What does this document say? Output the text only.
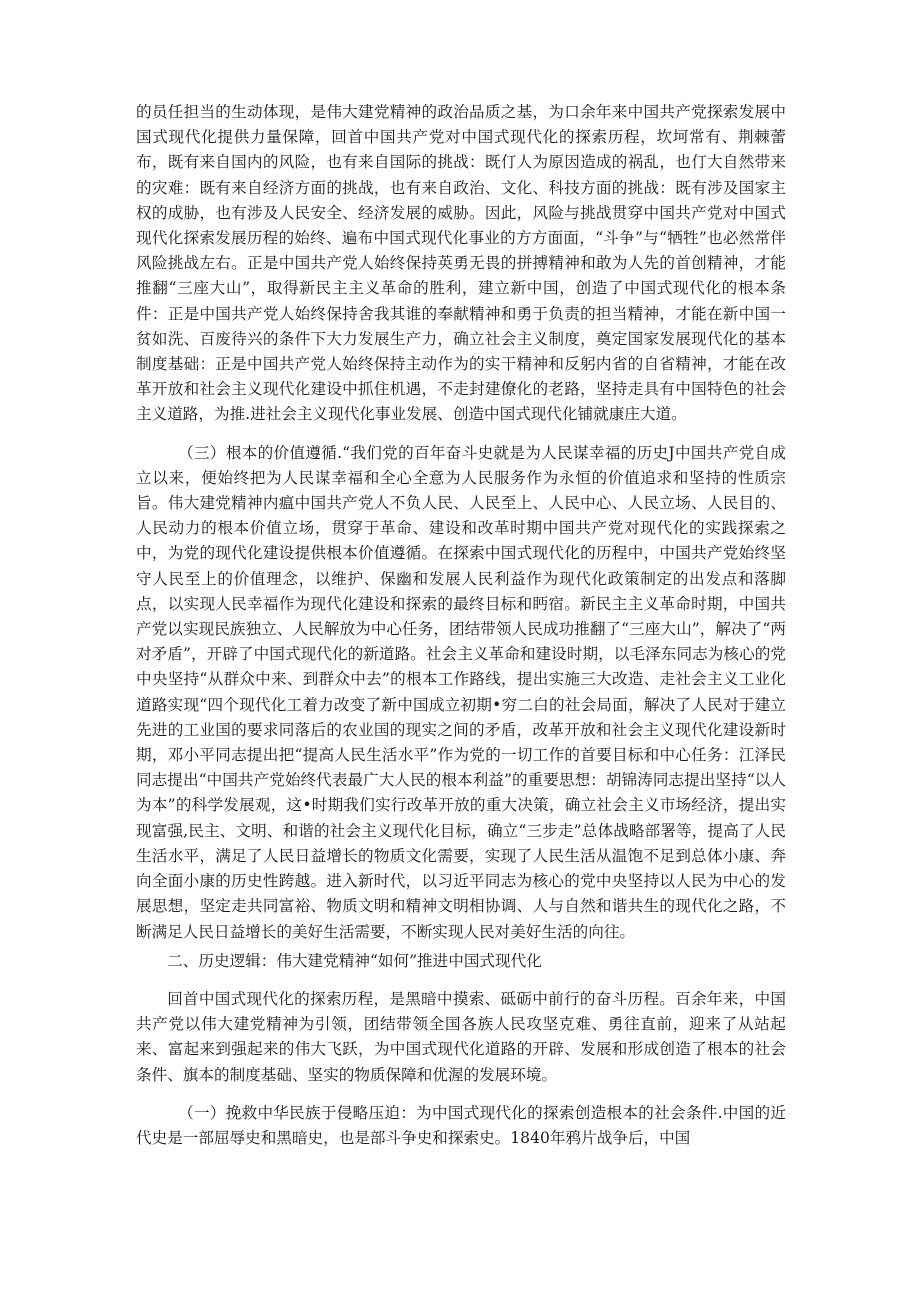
的员任担当的生动体现，是伟大建党精神的政治品质之基，为口余年来中国共产党探索发展中国式现代化提供力量保障，回首中国共产党对中国式现代化的探索历程，坎坷常有、荆棘蕾布，既有来自国内的风险，也有来自国际的挑战：既仃人为原因造成的祸乱，也仃大自然带来的灾难：既有来自经济方面的挑战，也有来自政治、文化、科技方面的挑战：既有涉及国家主权的成胁，也有涉及人民安全、经济发展的威胁。因此，风险与挑战贯穿中国共产党对中国式现代化探索发展历程的始终、遍布中国式现代化事业的方方面面，“斗争”与“牺牲”也必然常伴风险挑战左右。正是中国共产党人始终保持英勇无畏的拼搏精神和敢为人先的首创精神，才能推翻“三座大山”，取得新民主主义革命的胜利，建立新中国，创造了中国式现代化的根本条件：正是中国共产党人始终保持舍我其谁的奉献精神和勇于负责的担当精神，才能在新中国一贫如洗、百废待兴的条件下大力发展生产力，确立社会主义制度，奠定国家发展现代化的基本制度基础：正是中国共产党人始终保持主动作为的实干精神和反躬内省的自省精神，才能在改革开放和社会主义现代化建设中抓住机遇，不走封建僚化的老路，坚持走具有中国特色的社会主义道路，为推.进社会主义现代化事业发展、创造中国式现代化铺就康庄大道。

（三）根本的价值遵循.“我们党的百年奋斗史就是为人民谋幸福的历史J中国共产党自成立以来，便始终把为人民谋幸福和全心全意为人民服务作为永恒的价值追求和坚持的性质宗旨。伟大建党精神内瘟中国共产党人不负人民、人民至上、人民中心、人民立场、人民目的、人民动力的根本价值立场，贯穿于革命、建设和改革时期中国共产党对现代化的实践探索之中，为党的现代化建设提供根本价值遵循。在探索中国式现代化的历程中，中国共产党始终坚守人民至上的价值理念，以维护、保幽和发展人民利益作为现代化政策制定的出发点和落脚点，以实现人民幸福作为现代化建设和探索的最终目标和眄宿。新民主主义革命时期，中国共产党以实现民族独立、人民解放为中心任务，团结带领人民成功推翻了“三座大山”，解决了“两对矛盾”，开辟了中国式现代化的新道路。社会主义革命和建设时期，以毛泽东同志为核心的党中央坚持“从群众中来、到群众中去”的根本工作路线，提出实施三大改造、走社会主义工业化道路实现“四个现代化工着力改变了新中国成立初期•穷二白的社会局面，解决了人民对于建立先进的工业国的要求同落后的农业国的现实之间的矛盾，改革开放和社会主义现代化建设新时期，邓小平同志提出把“提高人民生活水平”作为党的一切工作的首要目标和中心任务：江泽民同志提出“中国共产党始终代表最广大人民的根本利益”的重要思想：胡锦涛同志提出坚持“以人为本”的科学发展观，这•时期我们实行改革开放的重大决策，确立社会主义市场经济，提出实现富强,民主、文明、和谐的社会主义现代化目标，确立“三步走”总体战略部署等，提高了人民生活水平，满足了人民日益增长的物质文化需要，实现了人民生活从温饱不足到总体小康、奔向全面小康的历史性跨越。进入新时代，以习近平同志为核心的党中央坚持以人民为中心的发展思想，坚定走共同富裕、物质文明和精神文明相协调、人与自然和谐共生的现代化之路，不断满足人民日益增长的美好生活需要，不断实现人民对美好生活的向往。

二、历史逻辑：伟大建党精神“如何”推进中国式现代化

回首中国式现代化的探索历程，是黑暗中摸索、砥砺中前行的奋斗历程。百余年来，中国共产党以伟大建党精神为引领，团结带领全国各族人民攻坚克难、勇往直前，迎来了从站起来、富起来到强起来的伟大飞跃，为中国式现代化道路的开辟、发展和形成创造了根本的社会条件、旗本的制度基础、坚实的物质保障和优渥的发展环境。

（一）挽救中华民族于侵略压迫：为中国式现代化的探索创造根本的社会条件.中国的近代史是一部屈辱史和黑暗史，也是部斗争史和探索史。1840年鸦片战争后，中国
